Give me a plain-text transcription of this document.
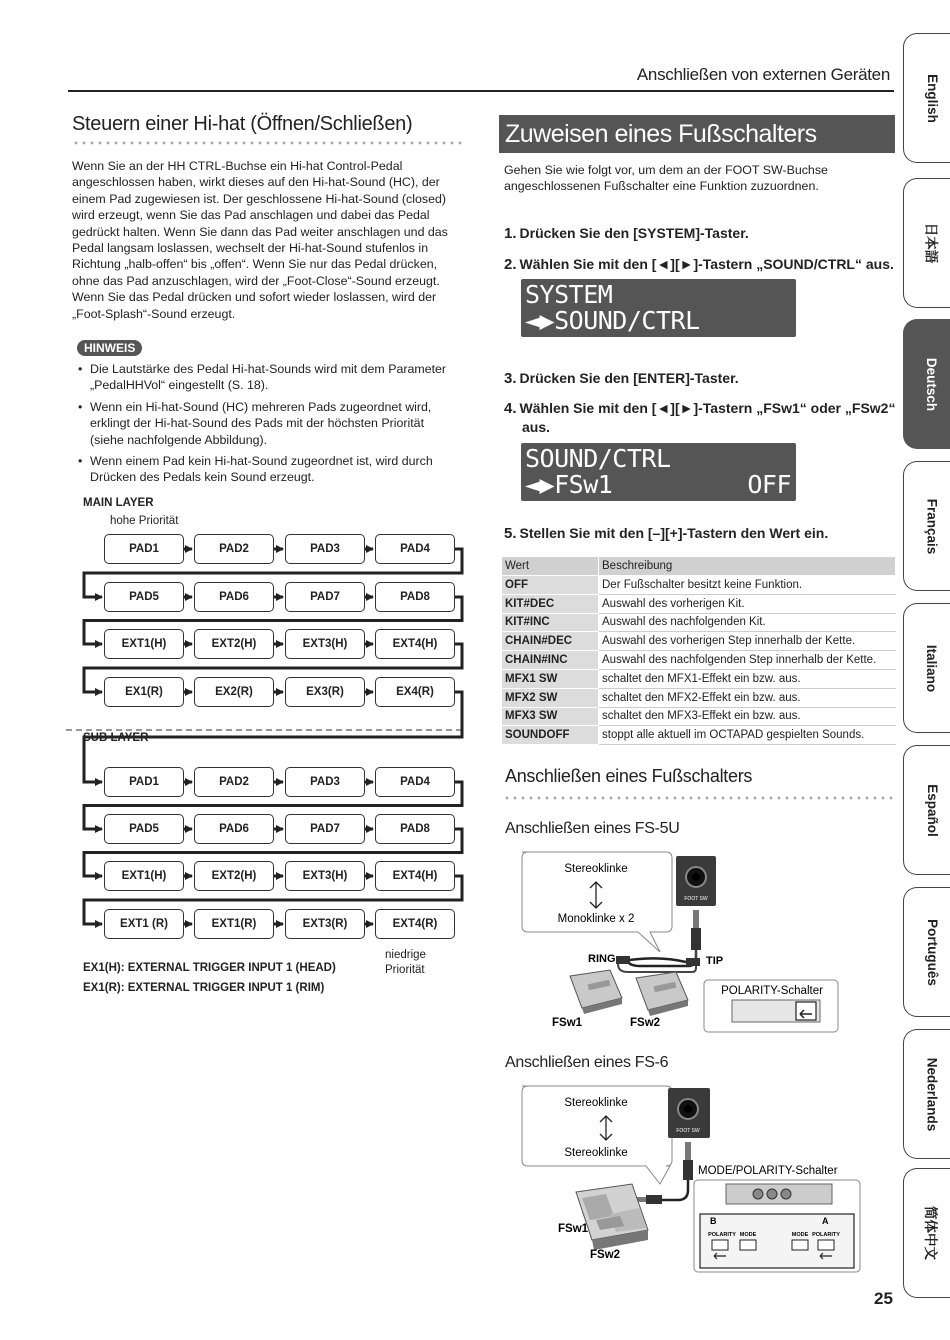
Anschließen von externen Geräten	English
日本語
Deutsch
Français
Italiano
Español
Português
Nederlands
简体中文
Steuern einer Hi-hat (Öffnen/Schließen)
Wenn Sie an der HH CTRL-Buchse ein Hi-hat Control-Pedal
angeschlossen haben, wirkt dieses auf den Hi-hat-Sound (HC), der
einem Pad zugewiesen ist. Der geschlossene Hi-hat-Sound (closed)
wird erzeugt, wenn Sie das Pad anschlagen und dabei das Pedal
gedrückt halten. Wenn Sie dann das Pad weiter anschlagen und das
Pedal langsam loslassen, wechselt der Hi-hat-Sound stufenlos in
Richtung „halb-offen“ bis „offen“. Wenn Sie nur das Pedal drücken,
ohne das Pad anzuschlagen, wird der „Foot-Close“-Sound erzeugt.
Wenn Sie das Pedal drücken und sofort wieder loslassen, wird der
„Foot-Splash“-Sound erzeugt.
HINWEIS
• Die Lautstärke des Pedal Hi-hat-Sounds wird mit dem Parameter „PedalHHVol“ eingestellt (S. 18).
• Wenn ein Hi-hat-Sound (HC) mehreren Pads zugeordnet wird, erklingt der Hi-hat-Sound des Pads mit der höchsten Priorität (siehe nachfolgende Abbildung).
• Wenn einem Pad kein Hi-hat-Sound zugeordnet ist, wird durch Drücken des Pedals kein Sound erzeugt.
MAIN LAYER
hohe Priorität
SUB LAYER
niedrige
Priorität
EX1(H): EXTERNAL TRIGGER INPUT 1 (HEAD)
EX1(R): EXTERNAL TRIGGER INPUT 1 (RIM)
PAD1	PAD2	PAD3	PAD4
PAD5	PAD6	PAD7	PAD8
EXT1(H)	EXT2(H)	EXT3(H)	EXT4(H)
EX1(R)	EX2(R)	EX3(R)	EX4(R)
PAD1	PAD2	PAD3	PAD4
PAD5	PAD6	PAD7	PAD8
EXT1(H)	EXT2(H)	EXT3(H)	EXT4(H)
EXT1 (R)	EXT1(R)	EXT3(R)	EXT4(R)
Zuweisen eines Fußschalters
Gehen Sie wie folgt vor, um dem an der FOOT SW-Buchse
angeschlossenen Fußschalter eine Funktion zuzuordnen.
1. Drücken Sie den [SYSTEM]-Taster.
2. Wählen Sie mit den [◄][►]-Tastern „SOUND/CTRL“ aus.
SYSTEM
◄▶SOUND/CTRL
3. Drücken Sie den [ENTER]-Taster.
4. Wählen Sie mit den [◄][►]-Tastern „FSw1“ oder „FSw2“
aus.
SOUND/CTRL
◄▶FSw1	OFF
5. Stellen Sie mit den [–][+]-Tastern den Wert ein.
Wert	Beschreibung
OFF	Der Fußschalter besitzt keine Funktion.
KIT#DEC	Auswahl des vorherigen Kit.
KIT#INC	Auswahl des nachfolgenden Kit.
CHAIN#DEC	Auswahl des vorherigen Step innerhalb der Kette.
CHAIN#INC	Auswahl des nachfolgenden Step innerhalb der Kette.
MFX1 SW	schaltet den MFX1-Effekt ein bzw. aus.
MFX2 SW	schaltet den MFX2-Effekt ein bzw. aus.
MFX3 SW	schaltet den MFX3-Effekt ein bzw. aus.
SOUNDOFF	stoppt alle aktuell im OCTAPAD gespielten Sounds.
Anschließen eines Fußschalters
Anschließen eines FS-5U
Stereoklinke
Monoklinke x 2
FOOT SW
RING	TIP
FSw1	FSw2
POLARITY-Schalter
Anschließen eines FS-6
Stereoklinke
Stereoklinke
FOOT SW
MODE/POLARITY-Schalter
FSw1
FSw2
B	A
POLARITY MODE	MODE POLARITY
25
